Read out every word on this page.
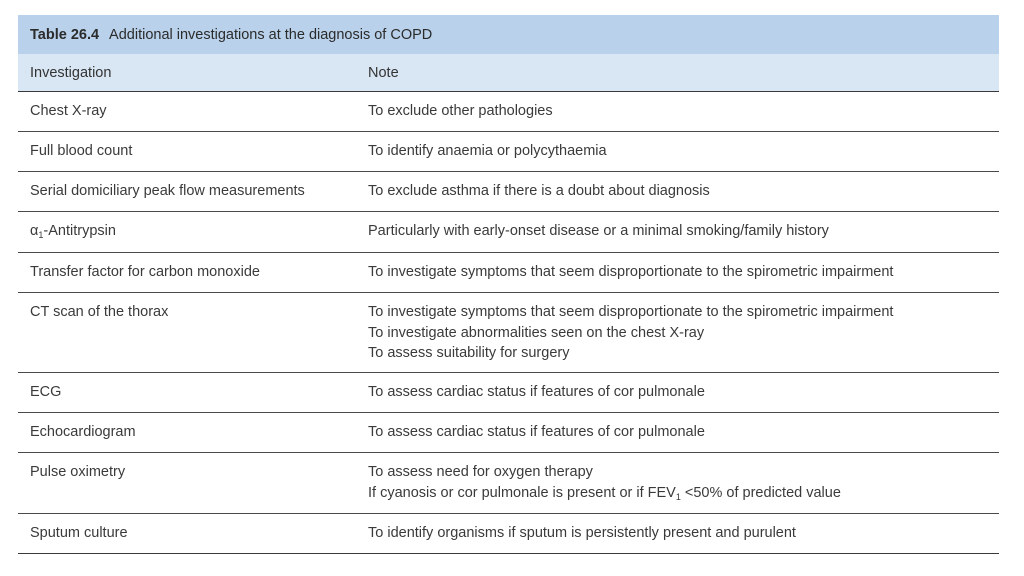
Table 26.4 Additional investigations at the diagnosis of COPD
Investigation	Note
Chest X-ray	To exclude other pathologies
Full blood count	To identify anaemia or polycythaemia
Serial domiciliary peak flow measurements	To exclude asthma if there is a doubt about diagnosis
$\alpha_1$-Antitrypsin	Particularly with early-onset disease or a minimal smoking/family history
Transfer factor for carbon monoxide	To investigate symptoms that seem disproportionate to the spirometric impairment
CT scan of the thorax	To investigate symptoms that seem disproportionate to the spirometric impairment
To investigate abnormalities seen on the chest X-ray
To assess suitability for surgery
ECG	To assess cardiac status if features of cor pulmonale
Echocardiogram	To assess cardiac status if features of cor pulmonale
Pulse oximetry	To assess need for oxygen therapy
If cyanosis or cor pulmonale is present or if $FEV_1 <50\%$ of predicted value
Sputum culture	To identify organisms if sputum is persistently present and purulent
